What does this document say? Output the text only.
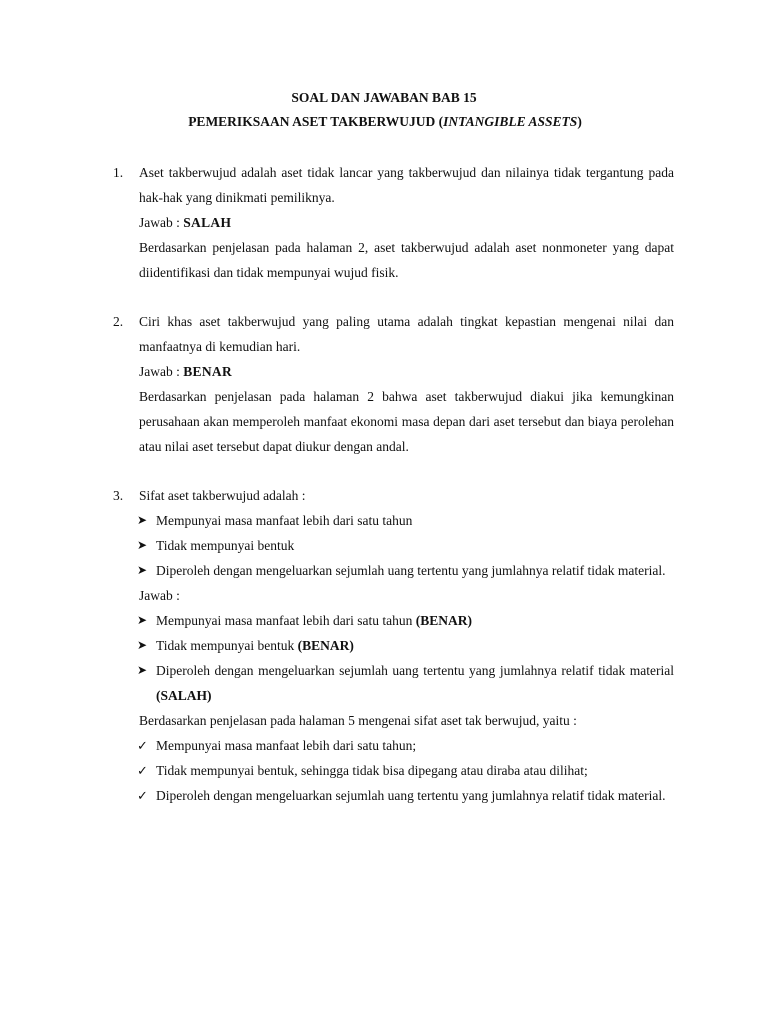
SOAL DAN JAWABAN BAB 15
PEMERIKSAAN ASET TAKBERWUJUD (INTANGIBLE ASSETS)
1.	Aset takberwujud adalah aset tidak lancar yang takberwujud dan nilainya tidak tergantung pada hak-hak yang dinikmati pemiliknya.

Jawab : SALAH

Berdasarkan penjelasan pada halaman 2, aset takberwujud adalah aset nonmoneter yang dapat diidentifikasi dan tidak mempunyai wujud fisik.

2.	Ciri khas aset takberwujud yang paling utama adalah tingkat kepastian mengenai nilai dan manfaatnya di kemudian hari.

Jawab : BENAR

Berdasarkan penjelasan pada halaman 2 bahwa aset takberwujud diakui jika kemungkinan perusahaan akan memperoleh manfaat ekonomi masa depan dari aset tersebut dan biaya perolehan atau nilai aset tersebut dapat diukur dengan andal.

3.	Sifat aset takberwujud adalah :

➤ Mempunyai masa manfaat lebih dari satu tahun
➤ Tidak mempunyai bentuk
➤ Diperoleh dengan mengeluarkan sejumlah uang tertentu yang jumlahnya relatif tidak material.

Jawab :

➤ Mempunyai masa manfaat lebih dari satu tahun (BENAR)
➤ Tidak mempunyai bentuk (BENAR)
➤ Diperoleh dengan mengeluarkan sejumlah uang tertentu yang jumlahnya relatif tidak material (SALAH)

Berdasarkan penjelasan pada halaman 5 mengenai sifat aset tak berwujud, yaitu :

✓ Mempunyai masa manfaat lebih dari satu tahun;
✓ Tidak mempunyai bentuk, sehingga tidak bisa dipegang atau diraba atau dilihat;
✓ Diperoleh dengan mengeluarkan sejumlah uang tertentu yang jumlahnya relatif tidak material.
